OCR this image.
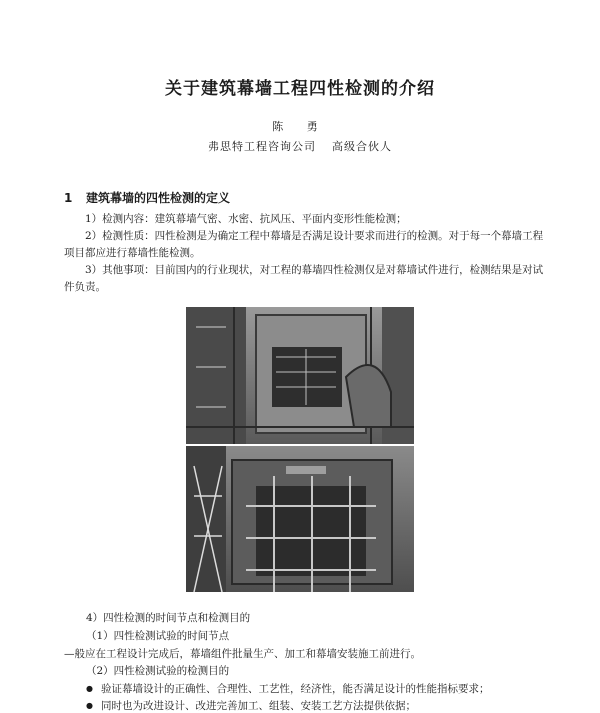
关于建筑幕墙工程四性检测的介绍
陈 勇
弗思特工程咨询公司 高级合伙人
1 建筑幕墙的四性检测的定义

1）检测内容：建筑幕墙气密、水密、抗风压、平面内变形性能检测；

2）检测性质：四性检测是为确定工程中幕墙是否满足设计要求而进行的检测。对于每一个幕墙工程项目都应进行幕墙性能检测。

3）其他事项：目前国内的行业现状，对工程的幕墙四性检测仅是对幕墙试件进行，检测结果是对试件负责。

4）四性检测的时间节点和检测目的

（1）四性检测试验的时间节点

—般应在工程设计完成后，幕墙组件批量生产、加工和幕墙安装施工前进行。

（2）四性检测试验的检测目的

● 验证幕墙设计的正确性、合理性、工艺性，经济性，能否满足设计的性能指标要求；

● 同时也为改进设计、改进完善加工、组装、安装工艺方法提供依据；
